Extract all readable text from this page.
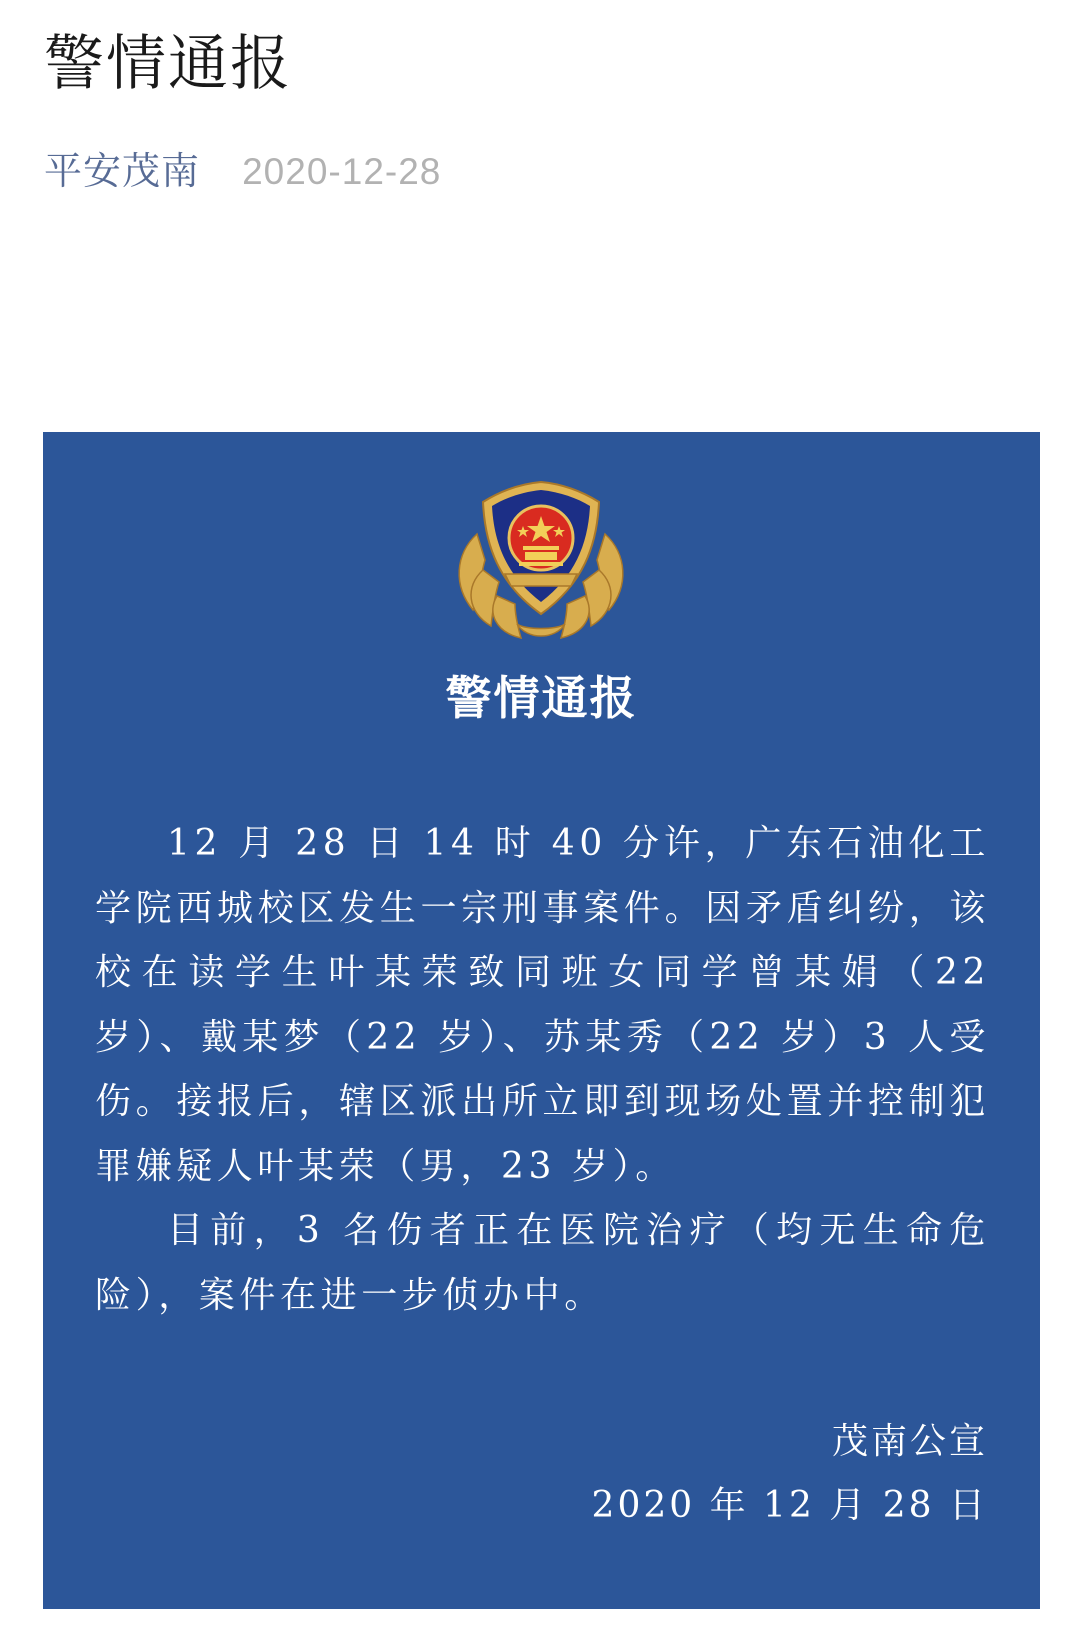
警情通报
平安茂南 2020-12-28
警情通报

12 月 28 日 14 时 40 分许，广东石油化工学院西城校区发生一宗刑事案件。因矛盾纠纷，该校在读学生叶某荣致同班女同学曾某娟（22 岁）、戴某梦（22 岁）、苏某秀（22 岁）3 人受伤。接报后，辖区派出所立即到现场处置并控制犯罪嫌疑人叶某荣（男，23 岁）。

目前，3 名伤者正在医院治疗（均无生命危险），案件在进一步侦办中。

茂南公宣
2020 年 12 月 28 日
